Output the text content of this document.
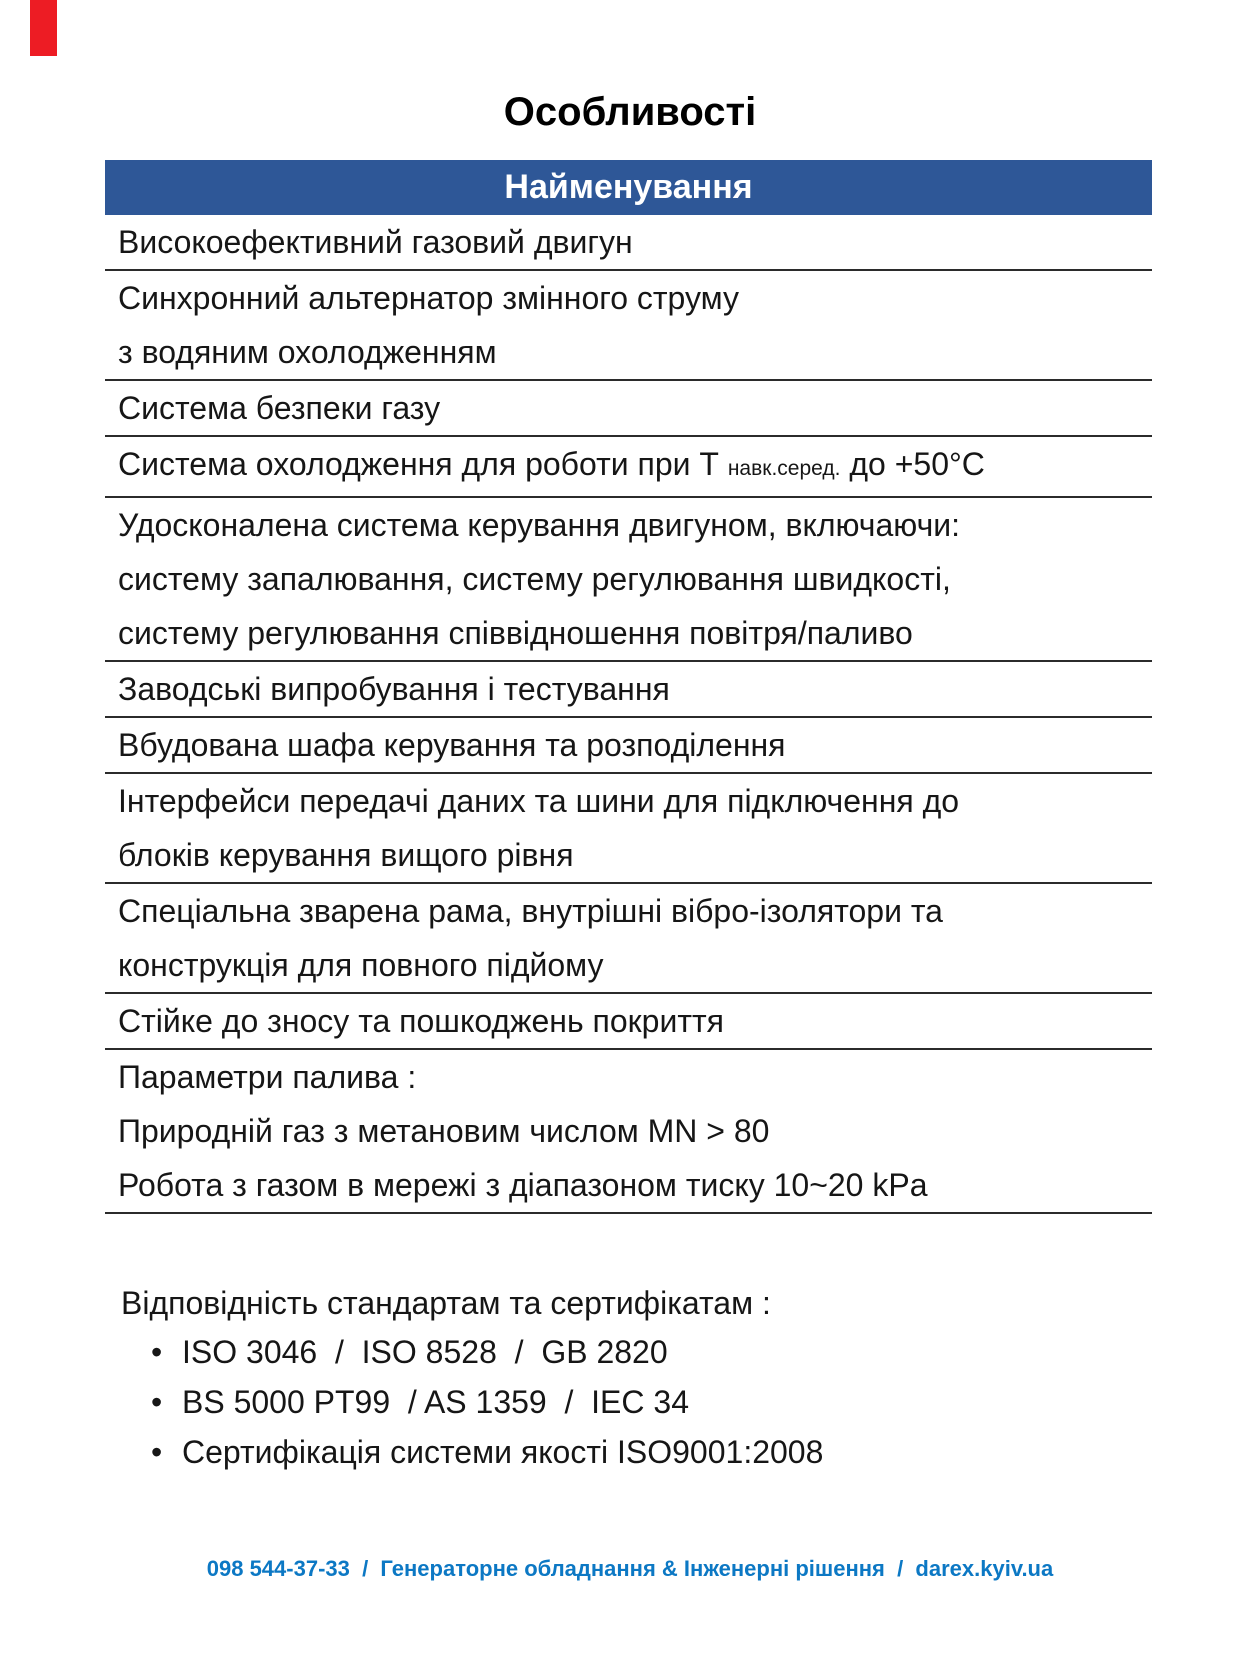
Особливості
Найменування
Високоефективний газовий двигун
Синхронний альтернатор змінного струму
з водяним охолодженням
Система безпеки газу
Система охолодження для роботи при Т навк.серед. до +50°C
Удосконалена система керування двигуном, включаючи:
систему запалювання, систему регулювання швидкості,
систему регулювання співвідношення повітря/паливо
Заводські випробування і тестування
Вбудована шафа керування та розподілення
Інтерфейси передачі даних та шини для підключення до
блоків керування вищого рівня
Спеціальна зварена рама, внутрішні вібро-ізолятори та
конструкція для повного підйому
Стійке до зносу та пошкоджень покриття
Параметри палива :
Природній газ з метановим числом MN > 80
Робота з газом в мережі з діапазоном тиску 10~20 kPa
Відповідність стандартам та сертифікатам :
• ISO 3046  /  ISO 8528  /  GB 2820
• BS 5000 PT99  / AS 1359  /  IEC 34
• Сертифікація системи якості ISO9001:2008
098 544-37-33  /  Генераторне обладнання & Інженерні рішення  /  darex.kyiv.ua
